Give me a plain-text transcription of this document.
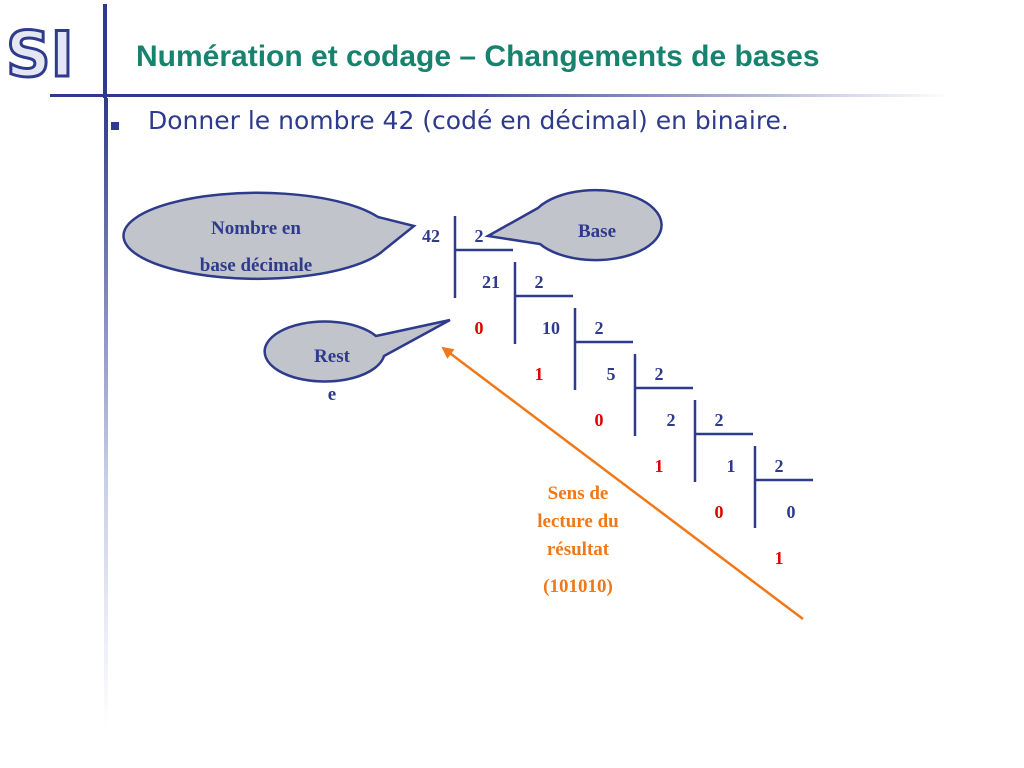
SI Numération et codage – Changements de bases
Donner le nombre 42 (codé en décimal) en binaire.
Nombre en
base décimale
Base
Rest
e
2
42
0
2
21
1
2
10
0
2
5
1
2
2
0
2
1
1
0
Sens de
lecture du
résultat
(101010)
